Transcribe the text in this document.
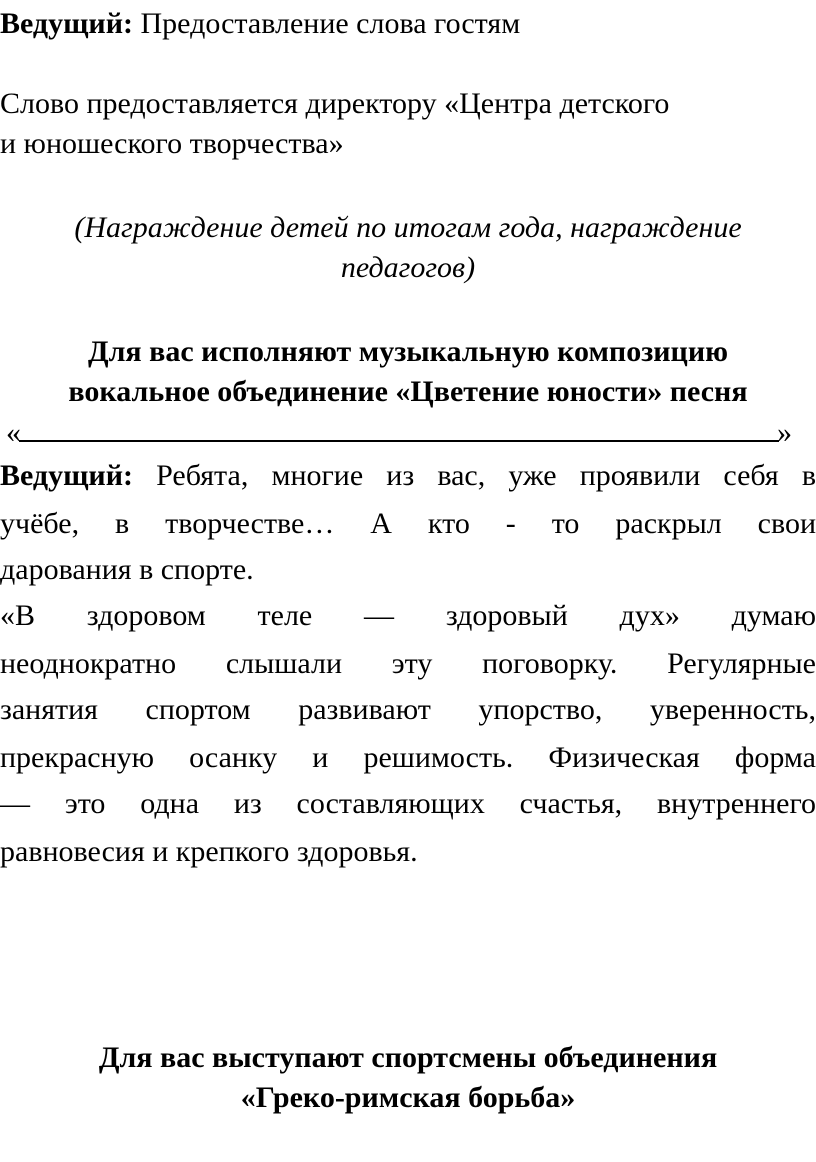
Ведущий: Предоставление слова гостям
Слово предоставляется директору «Центра детского
и юношеского творчества»
(Награждение детей по итогам года, награждение
педагогов)
Для вас исполняют музыкальную композицию
вокальное объединение «Цветение юности» песня
«	»
Ведущий: Ребята, многие из вас, уже проявили себя в
учёбе, в творчестве… А кто - то раскрыл свои
дарования в спорте.
«В здоровом теле — здоровый дух» думаю
неоднократно слышали эту поговорку. Регулярные
занятия спортом развивают упорство, уверенность,
прекрасную осанку и решимость. Физическая форма
— это одна из составляющих счастья, внутреннего
равновесия и крепкого здоровья.
Для вас выступают спортсмены объединения
«Греко-римская борьба»
